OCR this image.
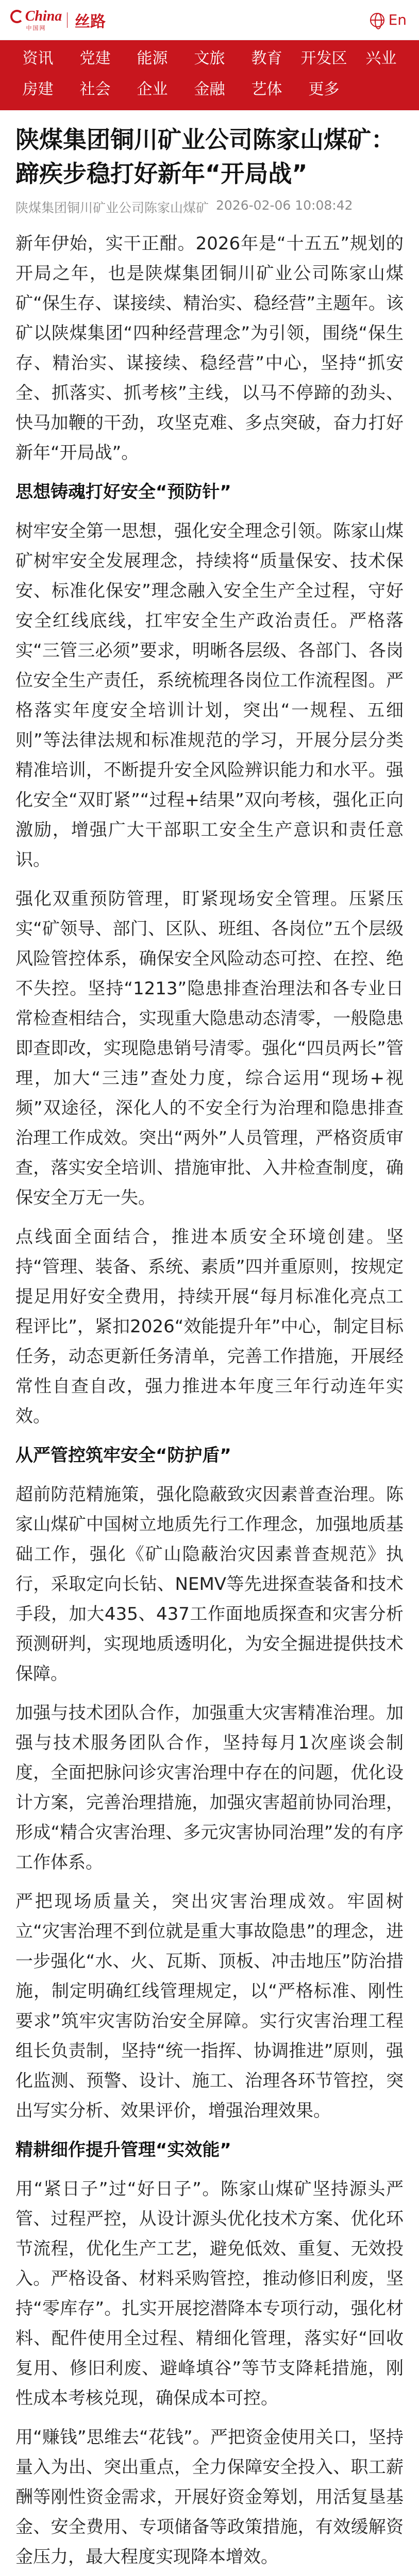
China
中国网 丝路	En
资讯	党建	能源	文旅	教育	开发区	兴业
房建	社会	企业	金融	艺体	更多
陕煤集团铜川矿业公司陈家山煤矿：蹄疾步稳打好新年“开局战”
陕煤集团铜川矿业公司陈家山煤矿 2026-02-06 10:08:42

新年伊始，实干正酣。2026年是“十五五”规划的开局之年，也是陕煤集团铜川矿业公司陈家山煤矿“保生存、谋接续、精治实、稳经营”主题年。该矿以陕煤集团“四种经营理念”为引领，围绕“保生存、精治实、谋接续、稳经营”中心，坚持“抓安全、抓落实、抓考核”主线，以马不停蹄的劲头、快马加鞭的干劲，攻坚克难、多点突破，奋力打好新年“开局战”。

思想铸魂打好安全“预防针”

树牢安全第一思想，强化安全理念引领。陈家山煤矿树牢安全发展理念，持续将“质量保安、技术保安、标准化保安”理念融入安全生产全过程，守好安全红线底线，扛牢安全生产政治责任。严格落实“三管三必须”要求，明晰各层级、各部门、各岗位安全生产责任，系统梳理各岗位工作流程图。严格落实年度安全培训计划，突出“一规程、五细则”等法律法规和标准规范的学习，开展分层分类精准培训，不断提升安全风险辨识能力和水平。强化安全“双盯紧”“过程+结果”双向考核，强化正向激励，增强广大干部职工安全生产意识和责任意识。

强化双重预防管理，盯紧现场安全管理。压紧压实“矿领导、部门、区队、班组、各岗位”五个层级风险管控体系，确保安全风险动态可控、在控、绝不失控。坚持“1213”隐患排查治理法和各专业日常检查相结合，实现重大隐患动态清零，一般隐患即查即改，实现隐患销号清零。强化“四员两长”管理，加大“三违”查处力度，综合运用“现场+视频”双途径，深化人的不安全行为治理和隐患排查治理工作成效。突出“两外”人员管理，严格资质审查，落实安全培训、措施审批、入井检查制度，确保安全万无一失。

点线面全面结合，推进本质安全环境创建。坚持“管理、装备、系统、素质”四并重原则，按规定提足用好安全费用，持续开展“每月标准化亮点工程评比”，紧扣2026“效能提升年”中心，制定目标任务，动态更新任务清单，完善工作措施，开展经常性自查自改，强力推进本年度三年行动连年实效。

从严管控筑牢安全“防护盾”

超前防范精施策，强化隐蔽致灾因素普查治理。陈家山煤矿中国树立地质先行工作理念，加强地质基础工作，强化《矿山隐蔽治灾因素普查规范》执行，采取定向长钻、NEMV等先进探查装备和技术手段，加大435、437工作面地质探查和灾害分析预测研判，实现地质透明化，为安全掘进提供技术保障。

加强与技术团队合作，加强重大灾害精准治理。加强与技术服务团队合作，坚持每月1次座谈会制度，全面把脉问诊灾害治理中存在的问题，优化设计方案，完善治理措施，加强灾害超前协同治理，形成“精合灾害治理、多元灾害协同治理”发的有序工作体系。

严把现场质量关，突出灾害治理成效。牢固树立“灾害治理不到位就是重大事故隐患”的理念，进一步强化“水、火、瓦斯、顶板、冲击地压”防治措施，制定明确红线管理规定，以“严格标准、刚性要求”筑牢灾害防治安全屏障。实行灾害治理工程组长负责制，坚持“统一指挥、协调推进”原则，强化监测、预警、设计、施工、治理各环节管控，突出写实分析、效果评价，增强治理效果。

精耕细作提升管理“实效能”

用“紧日子”过“好日子”。陈家山煤矿坚持源头严管、过程严控，从设计源头优化技术方案、优化环节流程，优化生产工艺，避免低效、重复、无效投入。严格设备、材料采购管控，推动修旧利废，坚持“零库存”。扎实开展挖潜降本专项行动，强化材料、配件使用全过程、精细化管理，落实好“回收复用、修旧利废、避峰填谷”等节支降耗措施，刚性成本考核兑现，确保成本可控。

用“赚钱”思维去“花钱”。严把资金使用关口，坚持量入为出、突出重点，全力保障安全投入、职工薪酬等刚性资金需求，开展好资金筹划，用活复垦基金、安全费用、专项储备等政策措施，有效缓解资金压力，最大程度实现降本增效。
